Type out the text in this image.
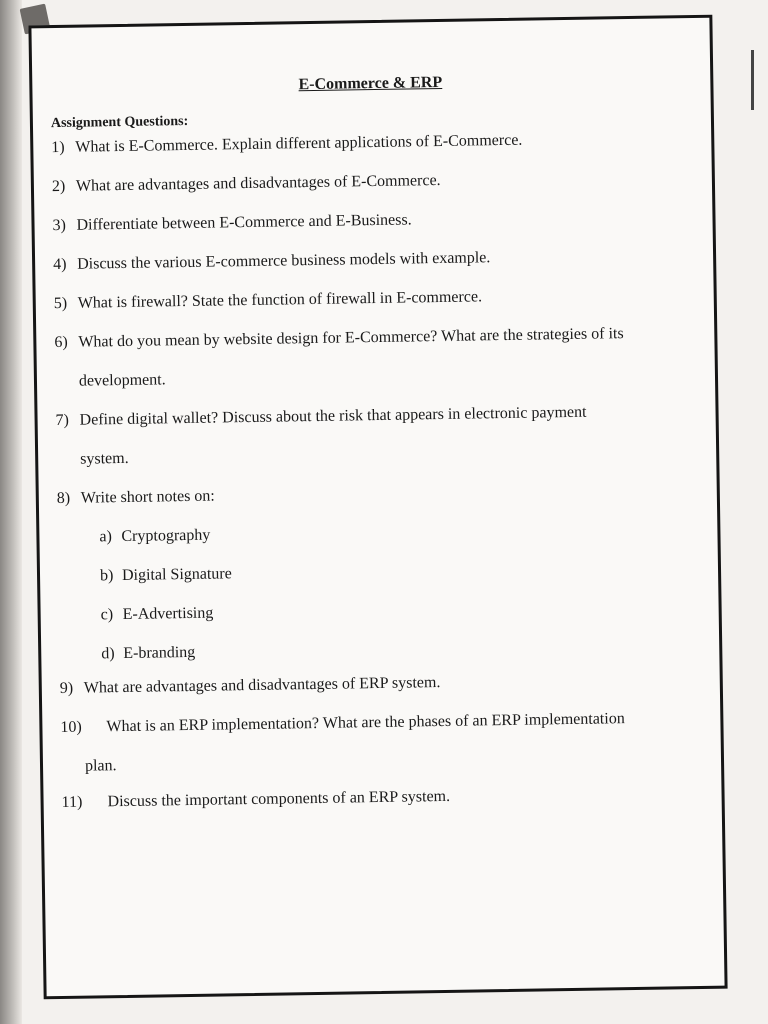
E-Commerce & ERP
Assignment Questions:
1) What is E-Commerce. Explain different applications of E-Commerce.
2) What are advantages and disadvantages of E-Commerce.
3) Differentiate between E-Commerce and E-Business.
4) Discuss the various E-commerce business models with example.
5) What is firewall? State the function of firewall in E-commerce.
6) What do you mean by website design for E-Commerce? What are the strategies of its
development.
7) Define digital wallet? Discuss about the risk that appears in electronic payment
system.
8) Write short notes on:
a) Cryptography
b) Digital Signature
c) E-Advertising
d) E-branding
9) What are advantages and disadvantages of ERP system.
10)	What is an ERP implementation? What are the phases of an ERP implementation
plan.
11)	Discuss the important components of an ERP system.
